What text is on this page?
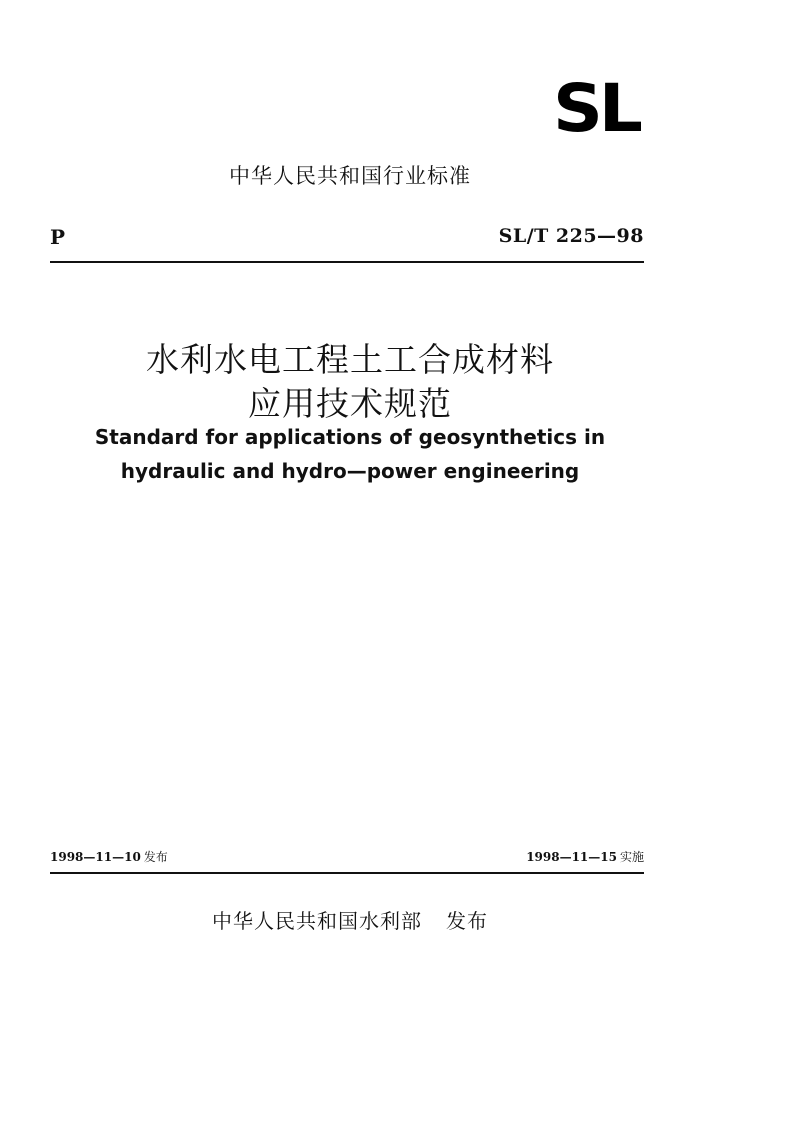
SL
中华人民共和国行业标准
P	SL/T 225—98
水利水电工程土工合成材料
应用技术规范
Standard for applications of geosynthetics in
hydraulic and hydro—power engineering
1998—11—10 发布	1998—11—15 实施
中华人民共和国水利部 发布
